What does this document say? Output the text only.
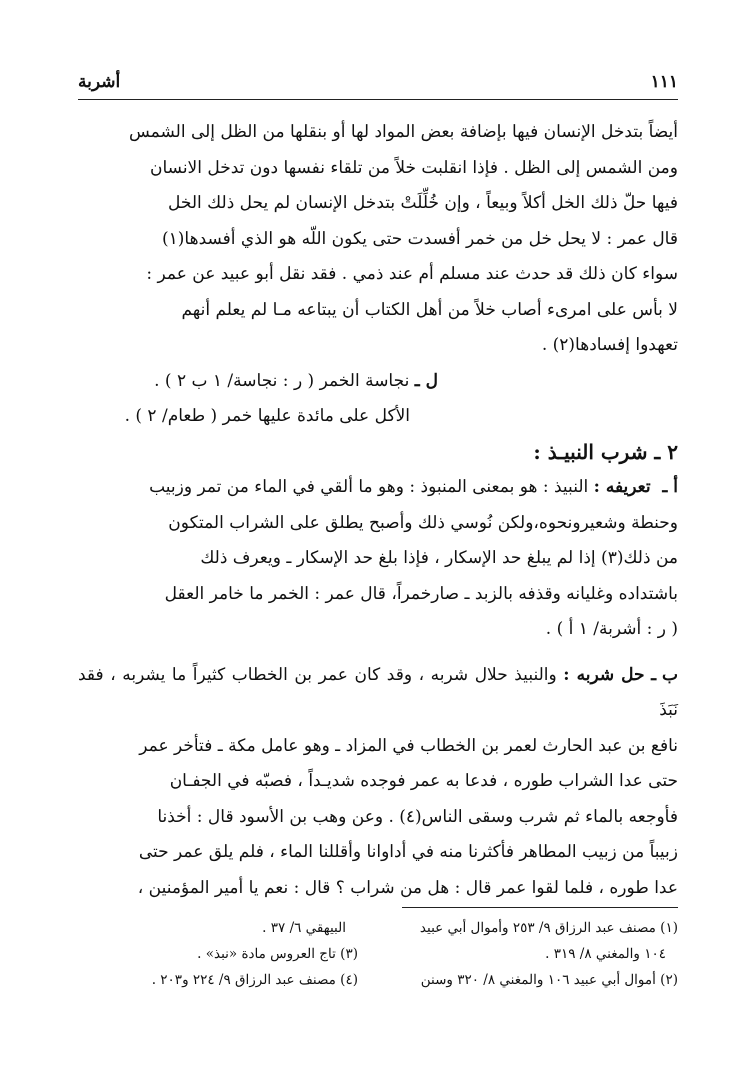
١١١
أشربة

أيضاً بتدخل الإنسان فيها بإضافة بعض المواد لها أو بنقلها من الظل إلى الشمس

ومن الشمس إلى الظل . فإذا انقلبت خلاً من تلقاء نفسها دون تدخل الانسان

فيها حلّ ذلك الخل أكلاً وبيعاً ، وإن خُلِّلَتْ بتدخل الإنسان لم يحل ذلك الخل

قال عمر : لا يحل خل من خمر أفسدت حتى يكون اللّه هو الذي أفسدها(١)

سواء كان ذلك قد حدث عند مسلم أم عند ذمي . فقد نقل أبو عبيد عن عمر :

لا بأس على امرىء أصاب خلاً من أهل الكتاب أن يبتاعه مـا لم يعلم أنهم

تعهدوا إفسادها(٢) .

ل ـ نجاسة الخمر ( ر : نجاسة/ ١ ب ٢ ) .

الأكل على مائدة عليها خمر ( طعام/ ٢ ) .

٢ ـ شرب النبيـذ :

أ ـ تعريفه : النبيذ : هو بمعنى المنبوذ : وهو ما ألقي في الماء من تمر وزبيب

وحنطة وشعيرونحوه،ولكن نُوسي ذلك وأصبح يطلق على الشراب المتكون

من ذلك(٣) إذا لم يبلغ حد الإسكار ، فإذا بلغ حد الإسكار ـ ويعرف ذلك

باشتداده وغليانه وقذفه بالزبد ـ صارخمراً، قال عمر : الخمر ما خامر العقل

( ر : أشربة/ ١ أ ) .

ب ـ حل شربه : والنبيذ حلال شربه ، وقد كان عمر بن الخطاب كثيراً ما يشربه ، فقد نَبَذَ

نافع بن عبد الحارث لعمر بن الخطاب في المزاد ـ وهو عامل مكة ـ فتأخر عمر

حتى عدا الشراب طوره ، فدعا به عمر فوجده شديـداً ، فصبّه في الجفـان

فأوجعه بالماء ثم شرب وسقى الناس(٤) . وعن وهب بن الأسود قال : أخذنا

زبيباً من زبيب المطاهر فأكثرنا منه في أداوانا وأقللنا الماء ، فلم يلق عمر حتى

عدا طوره ، فلما لقوا عمر قال : هل من شراب ؟ قال : نعم يا أمير المؤمنين ،

(١) مصنف عبد الرزاق ٩/ ٢٥٣ وأموال أبي عبيد
١٠٤ والمغني ٨/ ٣١٩ .
(٢) أموال أبي عبيد ١٠٦ والمغني ٨/ ٣٢٠ وسنن
البيهقي ٦/ ٣٧ .
(٣) تاج العروس مادة «نبذ» .
(٤) مصنف عبد الرزاق ٩/ ٢٢٤ و٢٠٣ .
